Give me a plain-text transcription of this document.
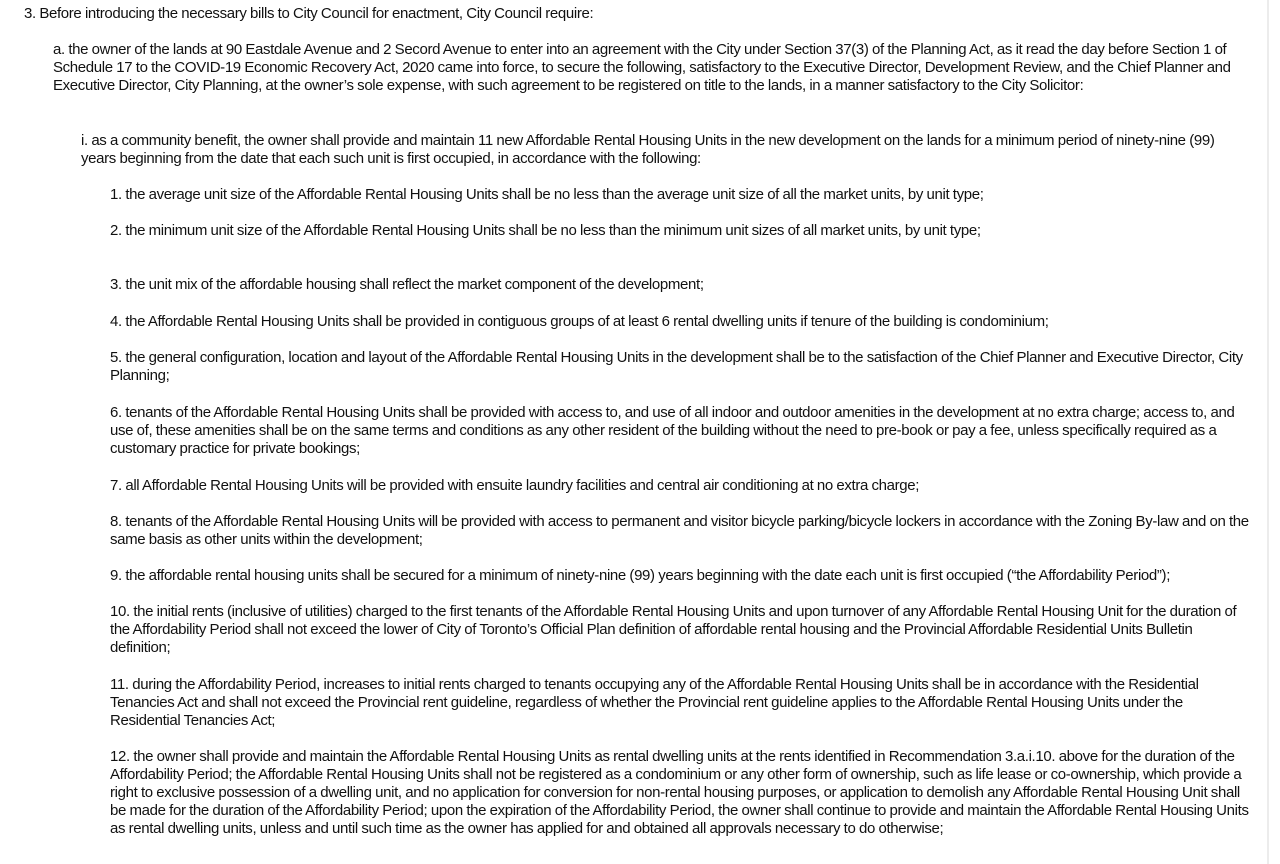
3. Before introducing the necessary bills to City Council for enactment, City Council require:

a. the owner of the lands at 90 Eastdale Avenue and 2 Secord Avenue to enter into an agreement with the City under Section 37(3) of the Planning Act, as it read the day before Section 1 of Schedule 17 to the COVID-19 Economic Recovery Act, 2020 came into force, to secure the following, satisfactory to the Executive Director, Development Review, and the Chief Planner and Executive Director, City Planning, at the owner’s sole expense, with such agreement to be registered on title to the lands, in a manner satisfactory to the City Solicitor:

i. as a community benefit, the owner shall provide and maintain 11 new Affordable Rental Housing Units in the new development on the lands for a minimum period of ninety-nine (99) years beginning from the date that each such unit is first occupied, in accordance with the following:

1. the average unit size of the Affordable Rental Housing Units shall be no less than the average unit size of all the market units, by unit type;

2. the minimum unit size of the Affordable Rental Housing Units shall be no less than the minimum unit sizes of all market units, by unit type;

3. the unit mix of the affordable housing shall reflect the market component of the development;

4. the Affordable Rental Housing Units shall be provided in contiguous groups of at least 6 rental dwelling units if tenure of the building is condominium;

5. the general configuration, location and layout of the Affordable Rental Housing Units in the development shall be to the satisfaction of the Chief Planner and Executive Director, City Planning;

6. tenants of the Affordable Rental Housing Units shall be provided with access to, and use of all indoor and outdoor amenities in the development at no extra charge; access to, and use of, these amenities shall be on the same terms and conditions as any other resident of the building without the need to pre-book or pay a fee, unless specifically required as a customary practice for private bookings;

7. all Affordable Rental Housing Units will be provided with ensuite laundry facilities and central air conditioning at no extra charge;

8. tenants of the Affordable Rental Housing Units will be provided with access to permanent and visitor bicycle parking/bicycle lockers in accordance with the Zoning By-law and on the same basis as other units within the development;

9. the affordable rental housing units shall be secured for a minimum of ninety-nine (99) years beginning with the date each unit is first occupied (“the Affordability Period”);

10. the initial rents (inclusive of utilities) charged to the first tenants of the Affordable Rental Housing Units and upon turnover of any Affordable Rental Housing Unit for the duration of the Affordability Period shall not exceed the lower of City of Toronto’s Official Plan definition of affordable rental housing and the Provincial Affordable Residential Units Bulletin definition;

11. during the Affordability Period, increases to initial rents charged to tenants occupying any of the Affordable Rental Housing Units shall be in accordance with the Residential Tenancies Act and shall not exceed the Provincial rent guideline, regardless of whether the Provincial rent guideline applies to the Affordable Rental Housing Units under the Residential Tenancies Act;

12. the owner shall provide and maintain the Affordable Rental Housing Units as rental dwelling units at the rents identified in Recommendation 3.a.i.10. above for the duration of the Affordability Period; the Affordable Rental Housing Units shall not be registered as a condominium or any other form of ownership, such as life lease or co-ownership, which provide a right to exclusive possession of a dwelling unit, and no application for conversion for non-rental housing purposes, or application to demolish any Affordable Rental Housing Unit shall be made for the duration of the Affordability Period; upon the expiration of the Affordability Period, the owner shall continue to provide and maintain the Affordable Rental Housing Units as rental dwelling units, unless and until such time as the owner has applied for and obtained all approvals necessary to do otherwise;
